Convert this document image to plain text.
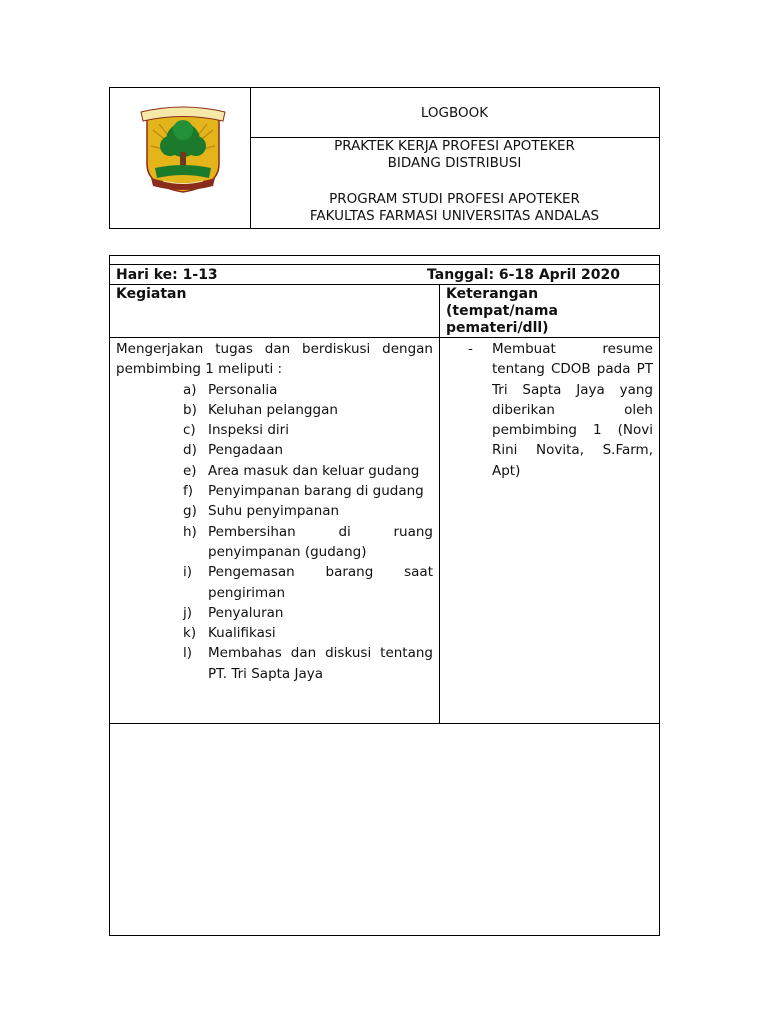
LOGBOOK
PRAKTEK KERJA PROFESI APOTEKER
BIDANG DISTRIBUSI
PROGRAM STUDI PROFESI APOTEKER
FAKULTAS FARMASI UNIVERSITAS ANDALAS
Hari ke: 1-13	Tanggal: 6-18 April 2020
Kegiatan	Keterangan
(tempat/nama
pemateri/dll)
Mengerjakan tugas dan berdiskusi dengan pembimbing 1 meliputi :
a) Personalia
b) Keluhan pelanggan
c) Inspeksi diri
d) Pengadaan
e) Area masuk dan keluar gudang
f) Penyimpanan barang di gudang
g) Suhu penyimpanan
h) Pembersihan di ruang penyimpanan (gudang)
i) Pengemasan barang saat pengiriman
j) Penyaluran
k) Kualifikasi
l) Membahas dan diskusi tentang PT. Tri Sapta Jaya
- Membuat resume tentang CDOB pada PT Tri Sapta Jaya yang diberikan oleh pembimbing 1 (Novi Rini Novita, S.Farm, Apt)
